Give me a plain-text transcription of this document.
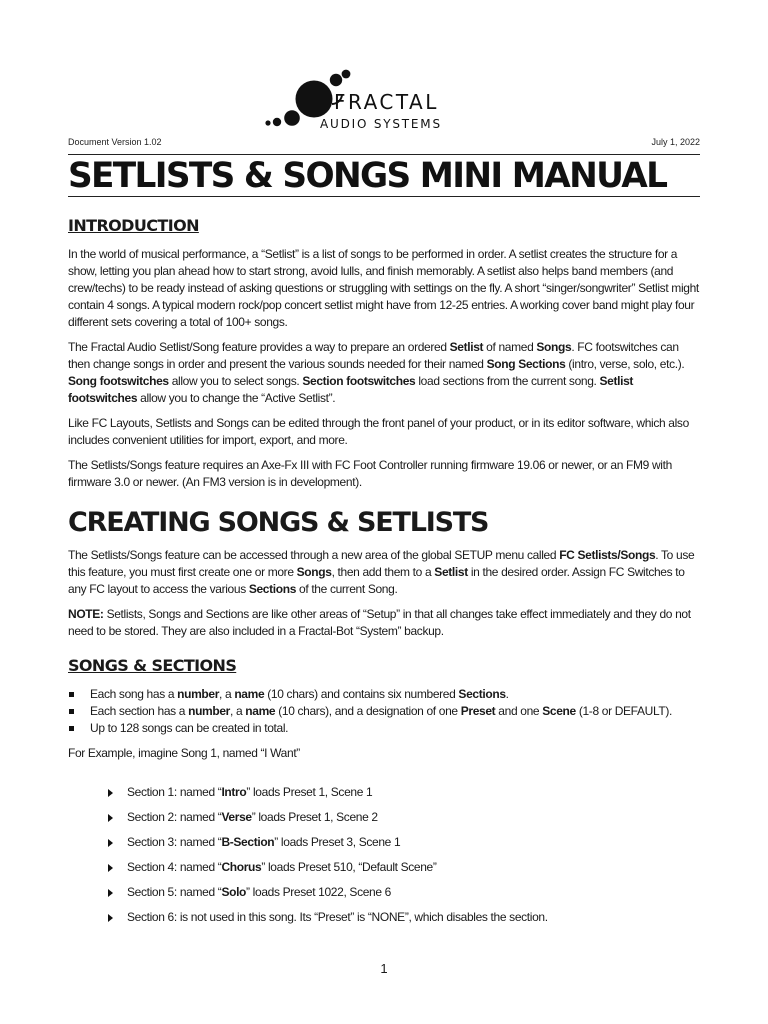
FRACTAL
AUDIO SYSTEMS
Document Version 1.02	July 1, 2022
SETLISTS & SONGS MINI MANUAL
INTRODUCTION

In the world of musical performance, a “Setlist” is a list of songs to be performed in order. A setlist creates the structure for a show, letting you plan ahead how to start strong, avoid lulls, and finish memorably. A setlist also helps band members (and crew/techs) to be ready instead of asking questions or struggling with settings on the fly. A short “singer/songwriter” Setlist might contain 4 songs. A typical modern rock/pop concert setlist might have from 12-25 entries. A working cover band might play four different sets covering a total of 100+ songs.

The Fractal Audio Setlist/Song feature provides a way to prepare an ordered Setlist of named Songs. FC footswitches can then change songs in order and present the various sounds needed for their named Song Sections (intro, verse, solo, etc.). Song footswitches allow you to select songs. Section footswitches load sections from the current song. Setlist footswitches allow you to change the “Active Setlist”.

Like FC Layouts, Setlists and Songs can be edited through the front panel of your product, or in its editor software, which also includes convenient utilities for import, export, and more.

The Setlists/Songs feature requires an Axe-Fx III with FC Foot Controller running firmware 19.06 or newer, or an FM9 with firmware 3.0 or newer. (An FM3 version is in development).

CREATING SONGS & SETLISTS

The Setlists/Songs feature can be accessed through a new area of the global SETUP menu called FC Setlists/Songs. To use this feature, you must first create one or more Songs, then add them to a Setlist in the desired order. Assign FC Switches to any FC layout to access the various Sections of the current Song.

NOTE: Setlists, Songs and Sections are like other areas of “Setup” in that all changes take effect immediately and they do not need to be stored. They are also included in a Fractal-Bot “System” backup.

SONGS & SECTIONS
Each song has a number, a name (10 chars) and contains six numbered Sections.
Each section has a number, a name (10 chars), and a designation of one Preset and one Scene (1-8 or DEFAULT).
Up to 128 songs can be created in total.

For Example, imagine Song 1, named “I Want”

Section 1: named “Intro” loads Preset 1, Scene 1
Section 2: named “Verse” loads Preset 1, Scene 2
Section 3: named “B-Section” loads Preset 3, Scene 1
Section 4: named “Chorus” loads Preset 510, “Default Scene”
Section 5: named “Solo” loads Preset 1022, Scene 6
Section 6: is not used in this song. Its “Preset” is “NONE”, which disables the section.
1
